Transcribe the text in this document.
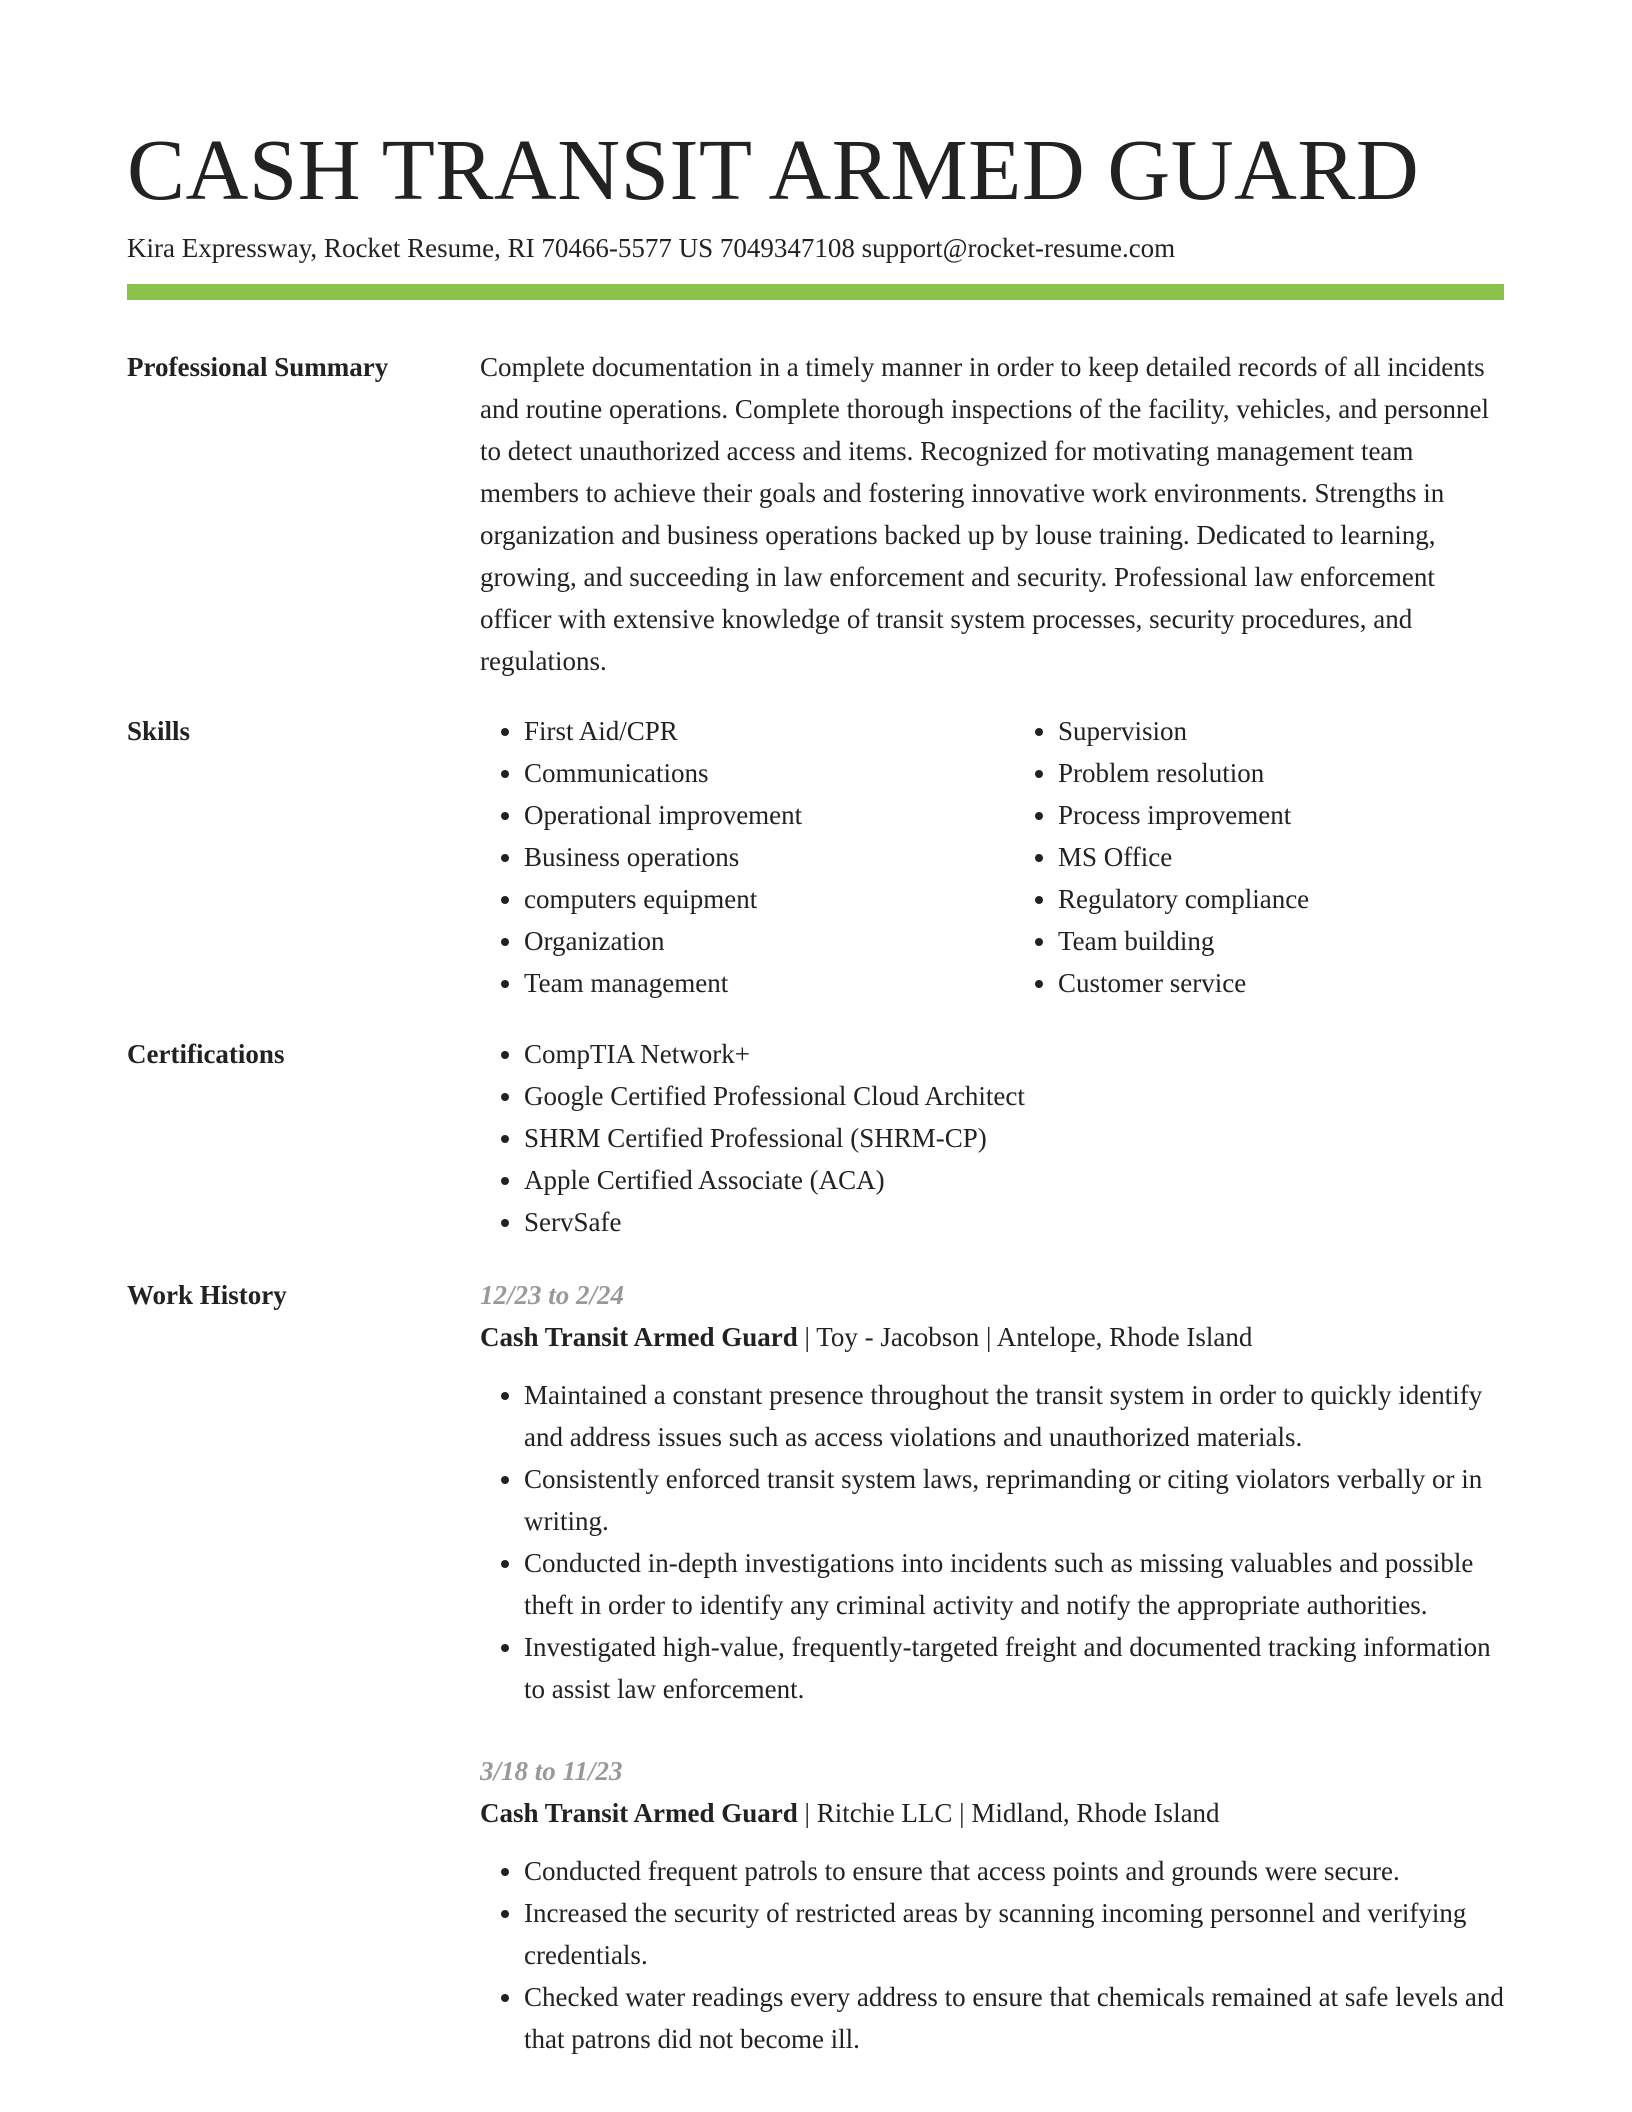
CASH TRANSIT ARMED GUARD
Kira Expressway, Rocket Resume, RI 70466-5577 US 7049347108 support@rocket-resume.com
Professional Summary	Complete documentation in a timely manner in order to keep detailed records of all incidents and routine operations. Complete thorough inspections of the facility, vehicles, and personnel to detect unauthorized access and items. Recognized for motivating management team members to achieve their goals and fostering innovative work environments. Strengths in organization and business operations backed up by louse training. Dedicated to learning, growing, and succeeding in law enforcement and security. Professional law enforcement officer with extensive knowledge of transit system processes, security procedures, and regulations.

Skills	• First Aid/CPR
• Communications
• Operational improvement
• Business operations
• computers equipment
• Organization
• Team management
• Supervision
• Problem resolution
• Process improvement
• MS Office
• Regulatory compliance
• Team building
• Customer service
Certifications	• CompTIA Network+
• Google Certified Professional Cloud Architect
• SHRM Certified Professional (SHRM-CP)
• Apple Certified Associate (ACA)
• ServSafe
Work History	12/23 to 2/24
Cash Transit Armed Guard | Toy - Jacobson | Antelope, Rhode Island
• Maintained a constant presence throughout the transit system in order to quickly identify and address issues such as access violations and unauthorized materials.
• Consistently enforced transit system laws, reprimanding or citing violators verbally or in writing.
• Conducted in-depth investigations into incidents such as missing valuables and possible theft in order to identify any criminal activity and notify the appropriate authorities.
• Investigated high-value, frequently-targeted freight and documented tracking information to assist law enforcement.
3/18 to 11/23
Cash Transit Armed Guard | Ritchie LLC | Midland, Rhode Island
• Conducted frequent patrols to ensure that access points and grounds were secure.
• Increased the security of restricted areas by scanning incoming personnel and verifying credentials.
• Checked water readings every address to ensure that chemicals remained at safe levels and that patrons did not become ill.
